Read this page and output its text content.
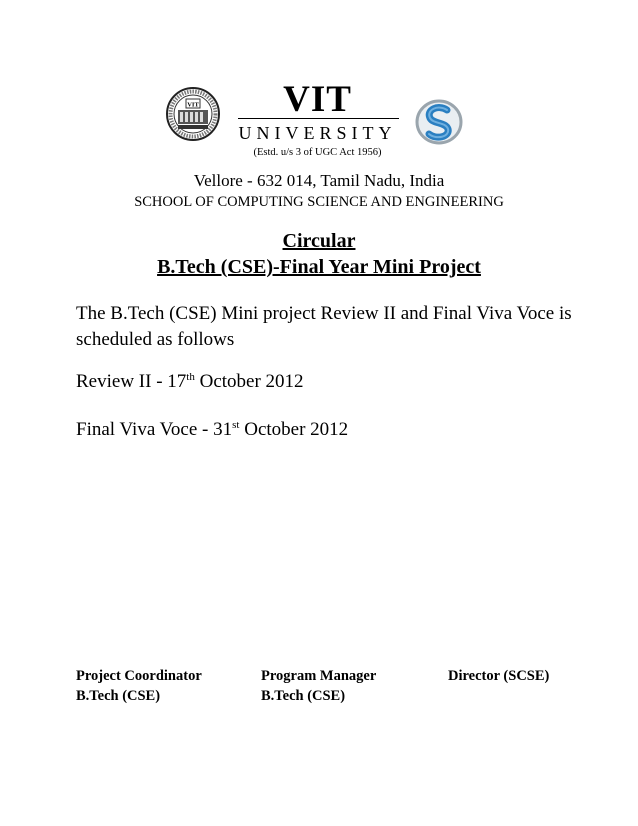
VIT	VIT
UNIVERSITY
(Estd. u/s 3 of UGC Act 1956)
Vellore - 632 014, Tamil Nadu, India
SCHOOL OF COMPUTING SCIENCE AND ENGINEERING
Circular
B.Tech (CSE)-Final Year Mini Project
The B.Tech (CSE) Mini project Review II and Final Viva Voce is scheduled as follows
Review II - 17th October 2012
Final Viva Voce - 31st October 2012
Project Coordinator
B.Tech (CSE)
Program Manager
B.Tech (CSE)
Director (SCSE)
